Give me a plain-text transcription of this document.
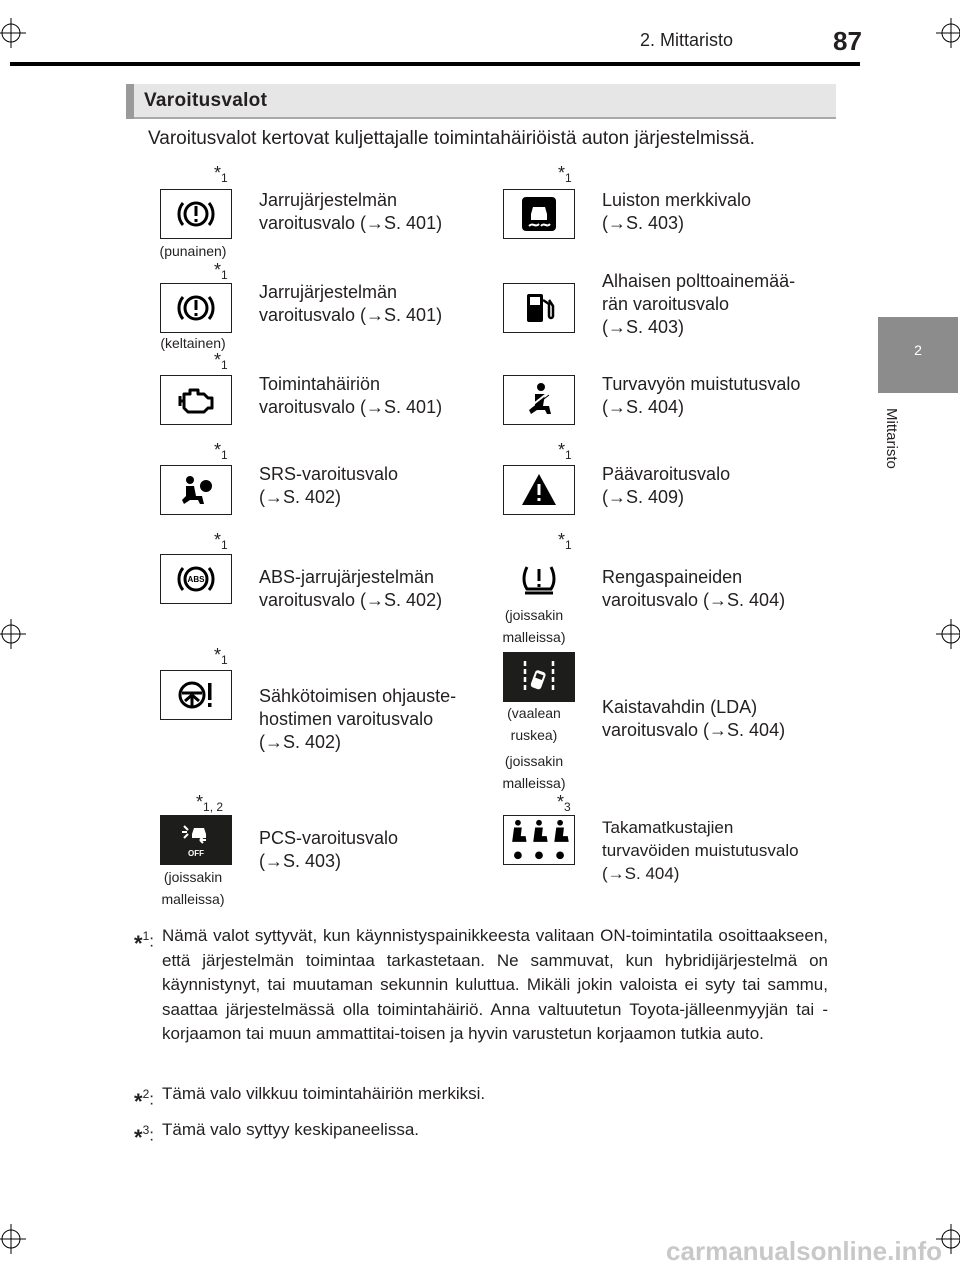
2. Mittaristo	87
2
Mittaristo
Varoitusvalot
Varoitusvalot kertovat kuljettajalle toimintahäiriöistä auton järjestelmissä.
$*_1$
(punainen)
Jarrujärjestelmän
varoitusvalo (→S. 401)
$*_1$
Luiston merkkivalo
(→S. 403)
$*_1$
(keltainen)
Jarrujärjestelmän
varoitusvalo (→S. 401)
Alhaisen polttoainemää-
rän varoitusvalo
(→S. 403)
$*_1$
Toimintahäiriön
varoitusvalo (→S. 401)
Turvavyön muistutusvalo
(→S. 404)
$*_1$
SRS-varoitusvalo
(→S. 402)
$*_1$
Päävaroitusvalo
(→S. 409)
$*_1$
ABS	ABS-jarrujärjestelmän
varoitusvalo (→S. 402)
$*_1$
(joissakin
malleissa)
Rengaspaineiden
varoitusvalo (→S. 404)
$*_1$
Sähkötoimisen ohjauste-
hostimen varoitusvalo
(→S. 402)
(vaalean
ruskea)
(joissakin
malleissa)
Kaistavahdin (LDA)
varoitusvalo (→S. 404)
$*_{1, 2}$
OFF
(joissakin
malleissa)
PCS-varoitusvalo
(→S. 403)
$*_3$
Takamatkustajien
turvavöiden muistutusvalo
(→S. 404)
*$^1$: Nämä valot syttyvät, kun käynnistyspainikkeesta valitaan ON-toimintatila osoittaakseen, että järjestelmän toimintaa tarkastetaan. Ne sammuvat, kun hybridijärjestelmä on käynnistynyt, tai muutaman sekunnin kuluttua. Mikäli jokin valoista ei syty tai sammu, saattaa järjestelmässä olla toimintahäiriö. Anna valtuutetun Toyota-jälleenmyyjän tai -korjaamon tai muun ammattitai-toisen ja hyvin varustetun korjaamon tutkia auto.
*$^2$: Tämä valo vilkkuu toimintahäiriön merkiksi.
*$^3$: Tämä valo syttyy keskipaneelissa.
carmanualsonline.info
